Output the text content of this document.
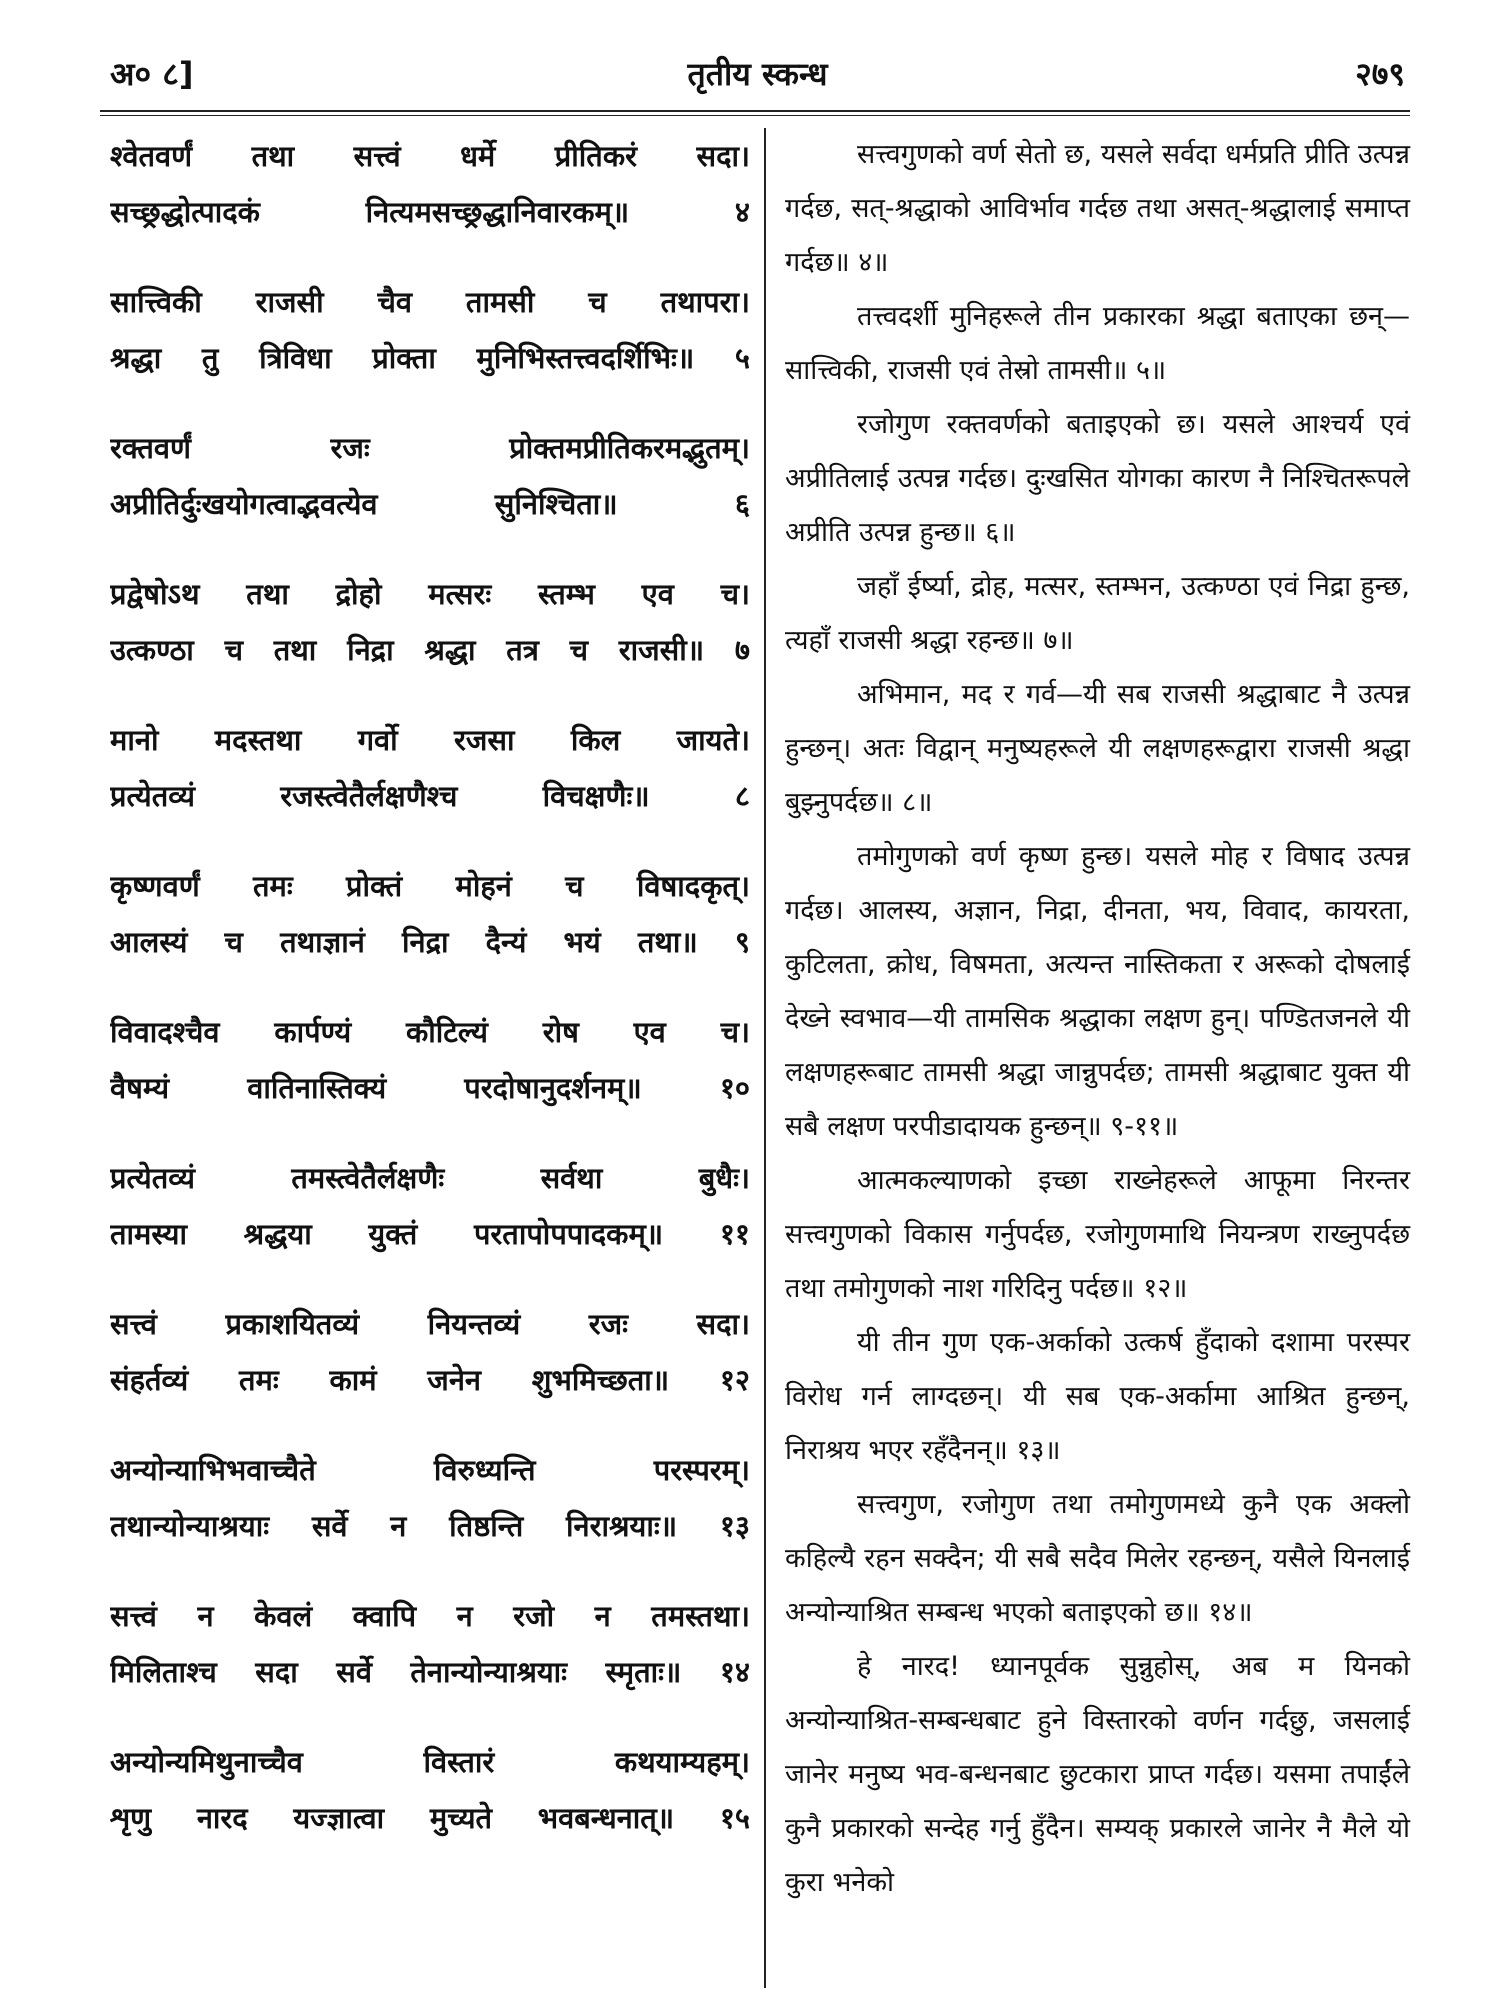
अ० ८]	तृतीय स्कन्ध	२७९
श्वेतवर्णं तथा सत्त्वं धर्मे प्रीतिकरं सदा।
सच्छ्रद्धोत्पादकं नित्यमसच्छ्रद्धानिवारकम्॥ ४
सात्त्विकी राजसी चैव तामसी च तथापरा।
श्रद्धा तु त्रिविधा प्रोक्ता मुनिभिस्तत्त्वदर्शिभिः॥ ५
रक्तवर्णं रजः प्रोक्तमप्रीतिकरमद्भुतम्।
अप्रीतिर्दुःखयोगत्वाद्भवत्येव सुनिश्चिता॥ ६
प्रद्वेषोऽथ तथा द्रोहो मत्सरः स्तम्भ एव च।
उत्कण्ठा च तथा निद्रा श्रद्धा तत्र च राजसी॥ ७
मानो मदस्तथा गर्वो रजसा किल जायते।
प्रत्येतव्यं रजस्त्वेतैर्लक्षणैश्च विचक्षणैः॥ ८
कृष्णवर्णं तमः प्रोक्तं मोहनं च विषादकृत्।
आलस्यं च तथाज्ञानं निद्रा दैन्यं भयं तथा॥ ९
विवादश्चैव कार्पण्यं कौटिल्यं रोष एव च।
वैषम्यं वातिनास्तिक्यं परदोषानुदर्शनम्॥ १०
प्रत्येतव्यं तमस्त्वेतैर्लक्षणैः सर्वथा बुधैः।
तामस्या श्रद्धया युक्तं परतापोपपादकम्॥ ११
सत्त्वं प्रकाशयितव्यं नियन्तव्यं रजः सदा।
संहर्तव्यं तमः कामं जनेन शुभमिच्छता॥ १२
अन्योन्याभिभवाच्चैते विरुध्यन्ति परस्परम्।
तथान्योन्याश्रयाः सर्वे न तिष्ठन्ति निराश्रयाः॥ १३
सत्त्वं न केवलं क्वापि न रजो न तमस्तथा।
मिलिताश्च सदा सर्वे तेनान्योन्याश्रयाः स्मृताः॥ १४
अन्योन्यमिथुनाच्चैव विस्तारं कथयाम्यहम्।
शृणु नारद यज्ज्ञात्वा मुच्यते भवबन्धनात्॥ १५

सत्त्वगुणको वर्ण सेतो छ, यसले सर्वदा धर्मप्रति प्रीति उत्पन्न गर्दछ, सत्-श्रद्धाको आविर्भाव गर्दछ तथा असत्-श्रद्धालाई समाप्त गर्दछ॥ ४॥

तत्त्वदर्शी मुनिहरूले तीन प्रकारका श्रद्धा बताएका छन्—सात्त्विकी, राजसी एवं तेस्रो तामसी॥ ५॥

रजोगुण रक्तवर्णको बताइएको छ। यसले आश्चर्य एवं अप्रीतिलाई उत्पन्न गर्दछ। दुःखसित योगका कारण नै निश्चितरूपले अप्रीति उत्पन्न हुन्छ॥ ६॥

जहाँ ईर्ष्या, द्रोह, मत्सर, स्तम्भन, उत्कण्ठा एवं निद्रा हुन्छ, त्यहाँ राजसी श्रद्धा रहन्छ॥ ७॥

अभिमान, मद र गर्व—यी सब राजसी श्रद्धाबाट नै उत्पन्न हुन्छन्। अतः विद्वान् मनुष्यहरूले यी लक्षणहरूद्वारा राजसी श्रद्धा बुझ्नुपर्दछ॥ ८॥

तमोगुणको वर्ण कृष्ण हुन्छ। यसले मोह र विषाद उत्पन्न गर्दछ। आलस्य, अज्ञान, निद्रा, दीनता, भय, विवाद, कायरता, कुटिलता, क्रोध, विषमता, अत्यन्त नास्तिकता र अरूको दोषलाई देख्ने स्वभाव—यी तामसिक श्रद्धाका लक्षण हुन्। पण्डितजनले यी लक्षणहरूबाट तामसी श्रद्धा जान्नुपर्दछ; तामसी श्रद्धाबाट युक्त यी सबै लक्षण परपीडादायक हुन्छन्॥ ९-११॥

आत्मकल्याणको इच्छा राख्नेहरूले आफूमा निरन्तर सत्त्वगुणको विकास गर्नुपर्दछ, रजोगुणमाथि नियन्त्रण राख्नुपर्दछ तथा तमोगुणको नाश गरिदिनु पर्दछ॥ १२॥

यी तीन गुण एक-अर्काको उत्कर्ष हुँदाको दशामा परस्पर विरोध गर्न लाग्दछन्। यी सब एक-अर्कामा आश्रित हुन्छन्, निराश्रय भएर रहँदैनन्॥ १३॥

सत्त्वगुण, रजोगुण तथा तमोगुणमध्ये कुनै एक अक्लो कहिल्यै रहन सक्दैन; यी सबै सदैव मिलेर रहन्छन्, यसैले यिनलाई अन्योन्याश्रित सम्बन्ध भएको बताइएको छ॥ १४॥

हे नारद! ध्यानपूर्वक सुन्नुहोस्, अब म यिनको अन्योन्याश्रित-सम्बन्धबाट हुने विस्तारको वर्णन गर्दछु, जसलाई जानेर मनुष्य भव-बन्धनबाट छुटकारा प्राप्त गर्दछ। यसमा तपाईंले कुनै प्रकारको सन्देह गर्नु हुँदैन। सम्यक् प्रकारले जानेर नै मैले यो कुरा भनेको
